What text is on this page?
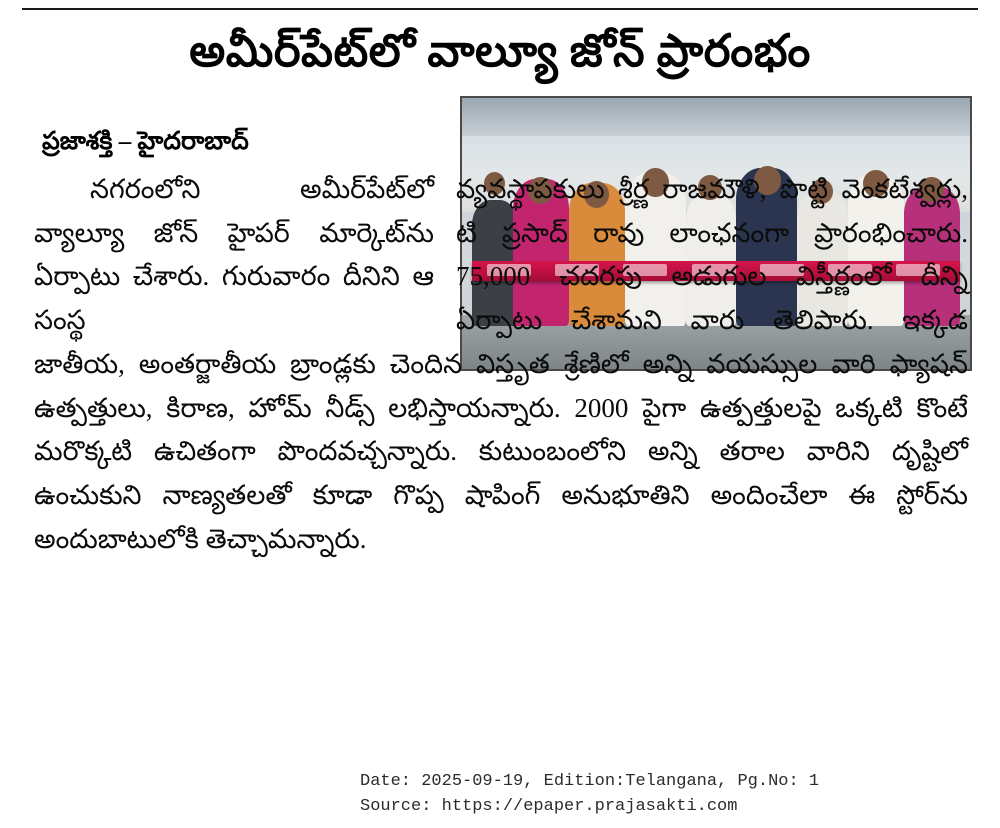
అమీర్‌పేట్‌లో వాల్యూ జోన్ ప్రారంభం
ప్రజాశక్తి – హైదరాబాద్
నగరంలోని అమీర్‌పేట్‌లో వ్యాల్యూ జోన్ హైపర్ మార్కెట్‌ను ఏర్పాటు చేశారు. గురువారం దీనిని ఆ సంస్థ
వ్యవస్థాపకులు శ్రీర్ణ రాజమౌళి, పొట్టి వెంకటేశ్వర్లు, టి ప్రసాద్ రావు లాంఛనంగా ప్రారంభించారు. 75,000 చదరపు అడుగుల విస్తీర్ణంలో దీన్ని ఏర్పాటు చేశామని వారు తెలిపారు. ఇక్కడ జాతీయ, అంతర్జాతీయ బ్రాండ్లకు చెందిన విస్తృత శ్రేణిలో అన్ని వయస్సుల వారి ఫ్యాషన్ ఉత్పత్తులు, కిరాణ, హోమ్ నీడ్స్ లభిస్తాయన్నారు. 2000 పైగా ఉత్పత్తులపై ఒక్కటి కొంటే మరొక్కటి ఉచితంగా పొందవచ్చన్నారు. కుటుంబంలోని అన్ని తరాల వారిని దృష్టిలో ఉంచుకుని నాణ్యతలతో కూడా గొప్ప షాపింగ్ అనుభూతిని అందించేలా ఈ స్టోర్‌ను అందుబాటులోకి తెచ్చామన్నారు.
Date: 2025-09-19, Edition:Telangana, Pg.No: 1
Source: https://epaper.prajasakti.com
